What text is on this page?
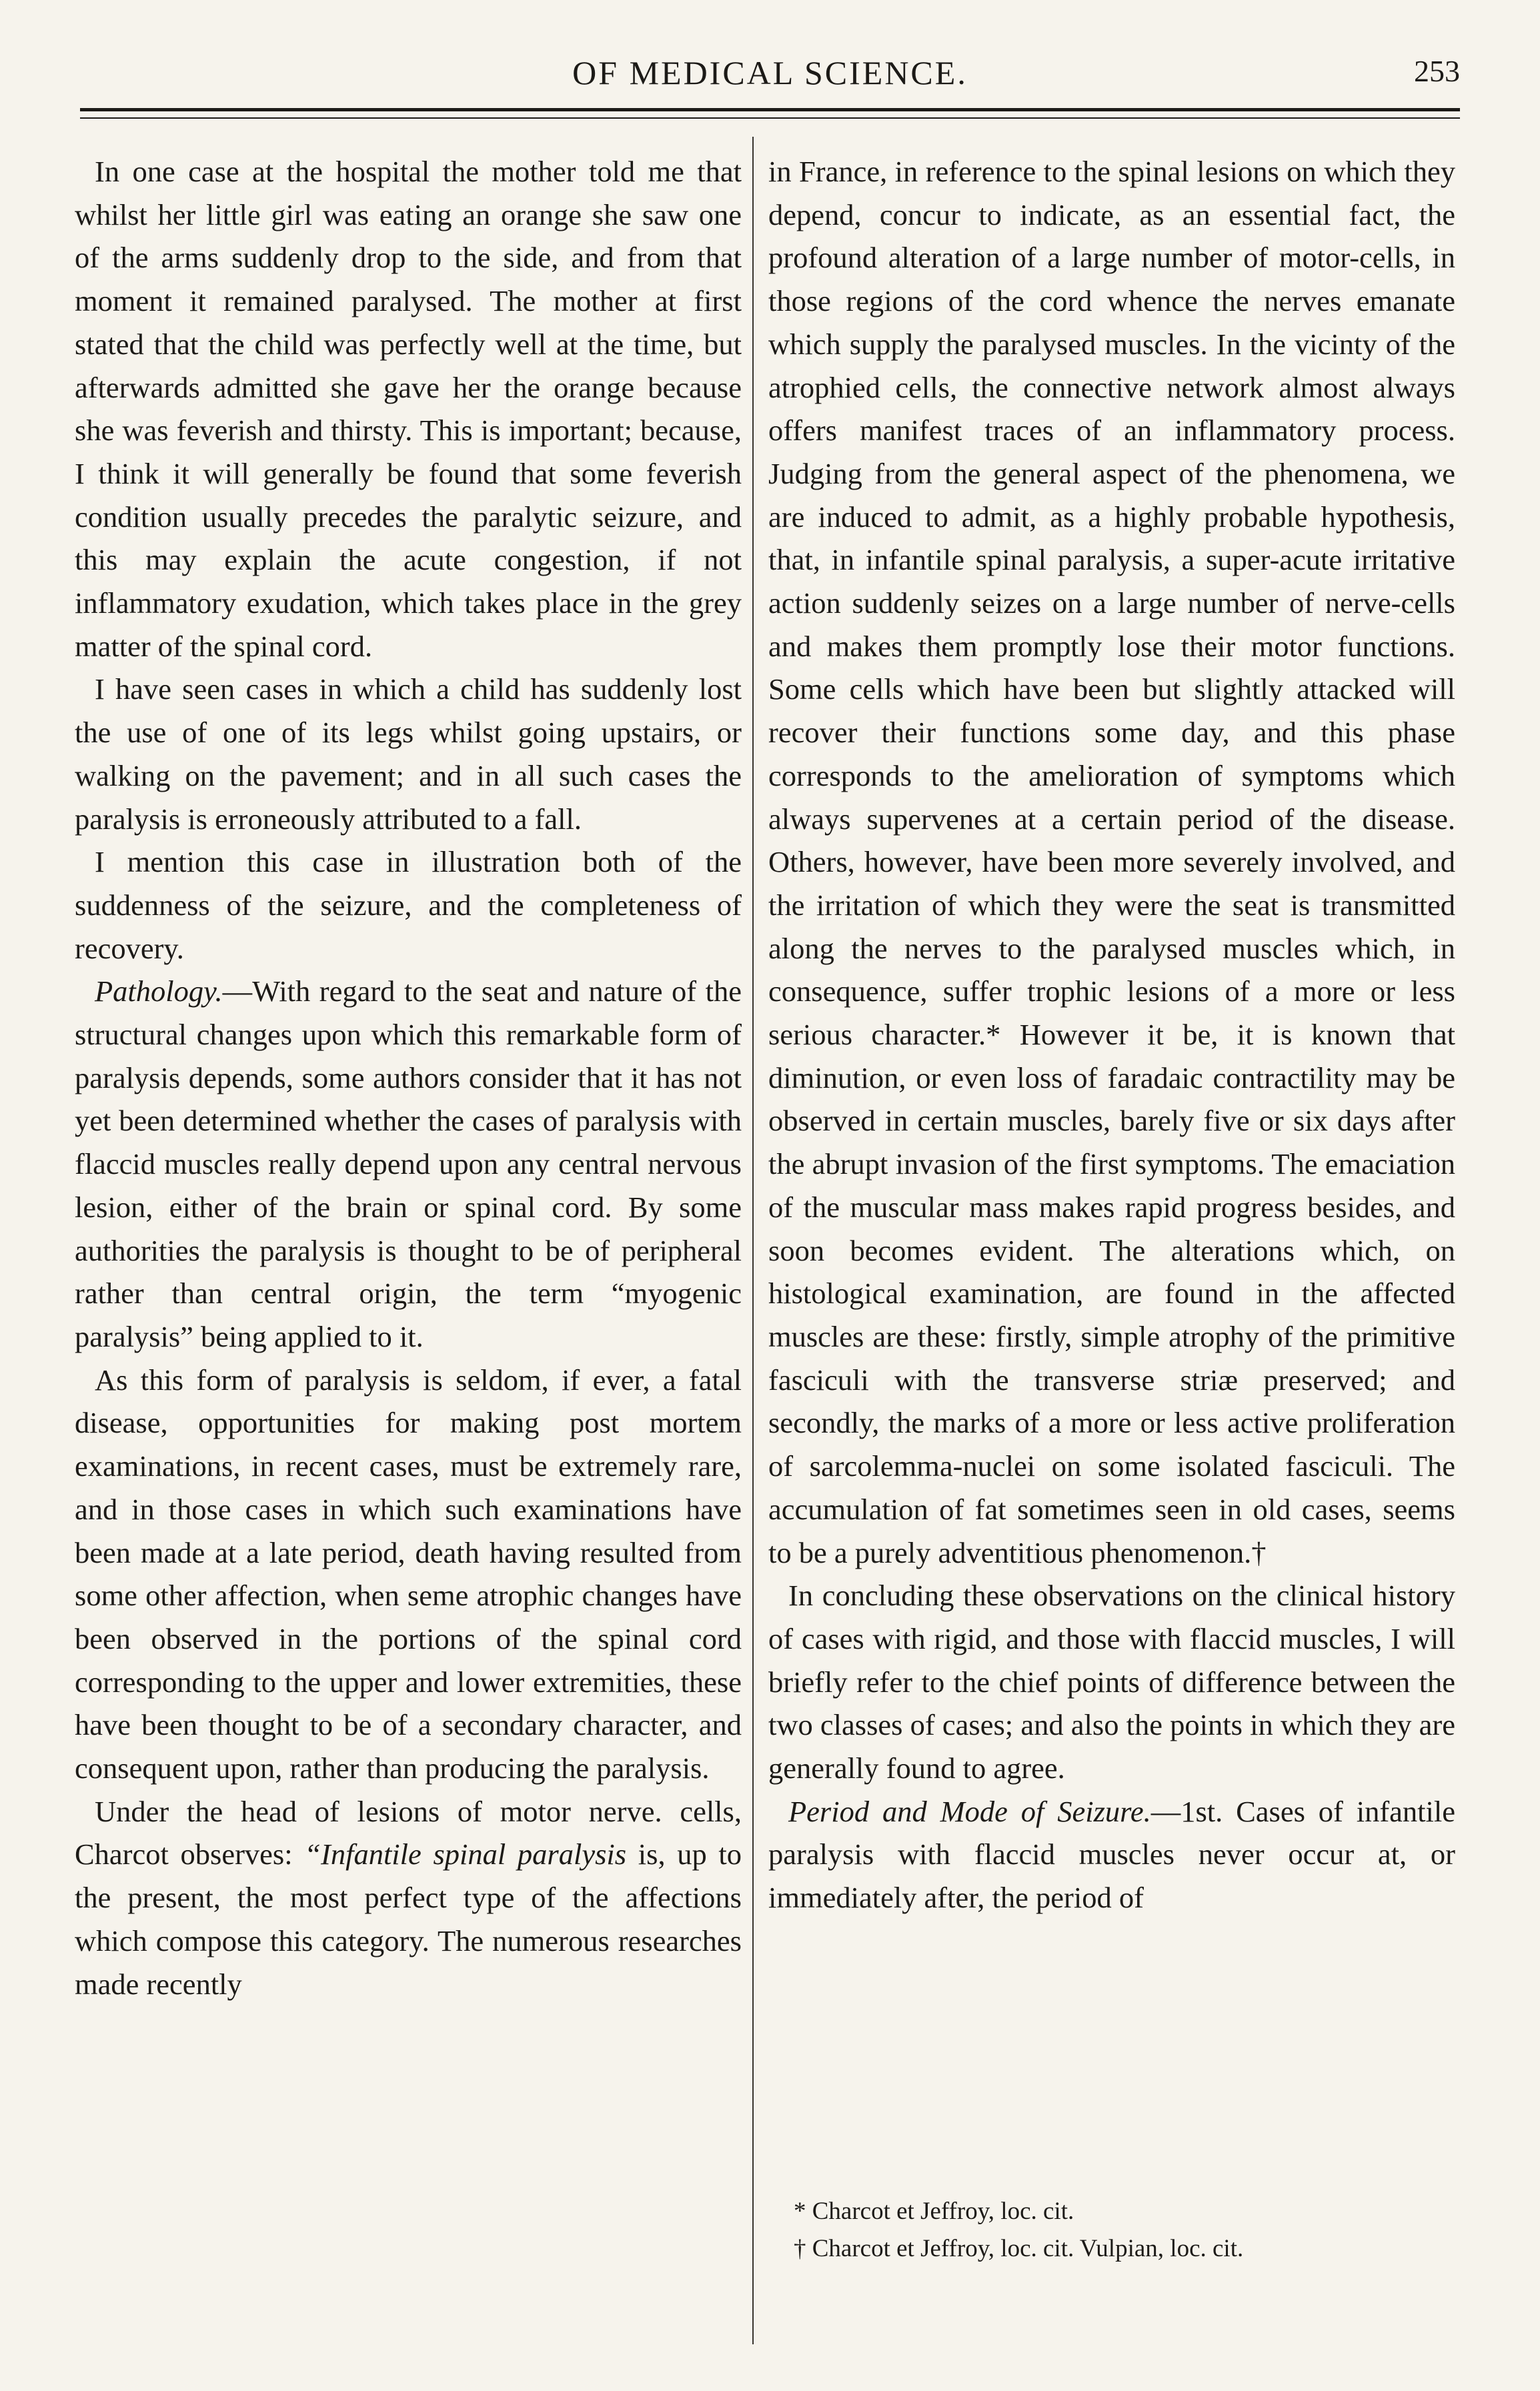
OF MEDICAL SCIENCE.	253

In one case at the hospital the mother told me that whilst her little girl was eating an orange she saw one of the arms suddenly drop to the side, and from that moment it remained paralysed. The mother at first stated that the child was perfectly well at the time, but afterwards admitted she gave her the orange because she was feverish and thirsty. This is important; because, I think it will generally be found that some feverish condition usually precedes the paralytic seizure, and this may explain the acute congestion, if not inflammatory exudation, which takes place in the grey matter of the spinal cord.

I have seen cases in which a child has suddenly lost the use of one of its legs whilst going upstairs, or walking on the pavement; and in all such cases the paralysis is erroneously attributed to a fall.

I mention this case in illustration both of the suddenness of the seizure, and the completeness of recovery.

Pathology.—With regard to the seat and nature of the structural changes upon which this remarkable form of paralysis depends, some authors consider that it has not yet been determined whether the cases of paralysis with flaccid muscles really depend upon any central nervous lesion, either of the brain or spinal cord. By some authorities the paralysis is thought to be of peripheral rather than central origin, the term “myogenic paralysis” being applied to it.

As this form of paralysis is seldom, if ever, a fatal disease, opportunities for making post mortem examinations, in recent cases, must be extremely rare, and in those cases in which such examinations have been made at a late period, death having resulted from some other affection, when seme atrophic changes have been observed in the portions of the spinal cord corresponding to the upper and lower extremities, these have been thought to be of a secondary character, and consequent upon, rather than producing the paralysis.

Under the head of lesions of motor nerve. cells, Charcot observes: “Infantile spinal paralysis is, up to the present, the most perfect type of the affections which compose this category. The numerous researches made recently

in France, in reference to the spinal lesions on which they depend, concur to indicate, as an essential fact, the profound alteration of a large number of motor-cells, in those regions of the cord whence the nerves emanate which supply the paralysed muscles. In the vicinty of the atrophied cells, the connective network almost always offers manifest traces of an inflammatory process. Judging from the general aspect of the phenomena, we are induced to admit, as a highly probable hypothesis, that, in infantile spinal paralysis, a super-acute irritative action suddenly seizes on a large number of nerve-cells and makes them promptly lose their motor functions. Some cells which have been but slightly attacked will recover their functions some day, and this phase corresponds to the amelioration of symptoms which always supervenes at a certain period of the disease. Others, however, have been more severely involved, and the irritation of which they were the seat is transmitted along the nerves to the paralysed muscles which, in consequence, suffer trophic lesions of a more or less serious character.* However it be, it is known that diminution, or even loss of faradaic contractility may be observed in certain muscles, barely five or six days after the abrupt invasion of the first symptoms. The emaciation of the muscular mass makes rapid progress besides, and soon becomes evident. The alterations which, on histological examination, are found in the affected muscles are these: firstly, simple atrophy of the primitive fasciculi with the transverse striæ preserved; and secondly, the marks of a more or less active proliferation of sarcolemma-nuclei on some isolated fasciculi. The accumulation of fat sometimes seen in old cases, seems to be a purely adventitious phenomenon.†

In concluding these observations on the clinical history of cases with rigid, and those with flaccid muscles, I will briefly refer to the chief points of difference between the two classes of cases; and also the points in which they are generally found to agree.

Period and Mode of Seizure.—1st. Cases of infantile paralysis with flaccid muscles never occur at, or immediately after, the period of

* Charcot et Jeffroy, loc. cit.
† Charcot et Jeffroy, loc. cit. Vulpian, loc. cit.
